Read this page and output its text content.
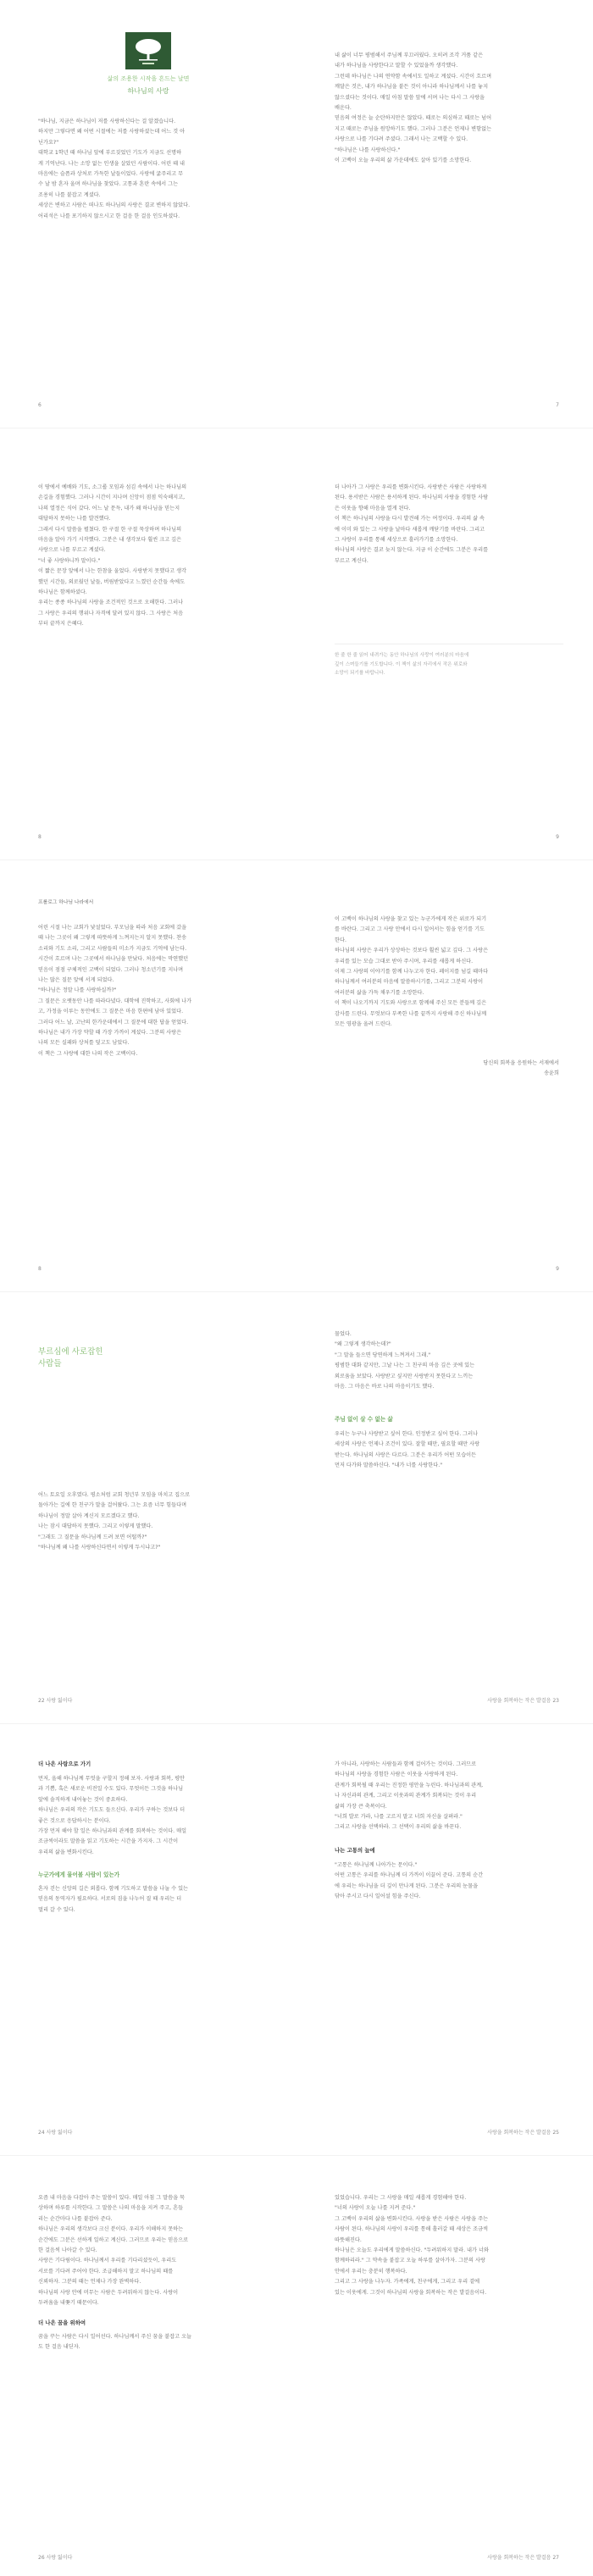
삶의 조용한 시작을 흔드는 날면
하나님의 사랑
"하나님, 지금은 하나님이 저를 사랑하신다는 걸 알겠습니다.
하지만 그렇다면 왜 어떤 시절에는 저를 사랑하셨는데 어느 것 아
닌가요?"
대학교 1학년 때 하나님 앞에 부르짖었던 기도가 지금도 선명하
게 기억난다. 나는 소망 없는 인생을 살았던 사람이다. 어린 때 내
마음에는 슬픔과 상처로 가득한 날들이었다. 사랑에 굶주리고 무
수 날 밤 혼자 울며 하나님을 찾았다. 고통과 혼란 속에서 그는
조용히 나를 붙잡고 계셨다.
세상은 변하고 사람은 떠나도 하나님의 사랑은 결코 변하지 않았다.
어리석은 나를 포기하지 않으시고 한 걸음 한 걸음 인도하셨다.
6
내 삶이 너무 평범해서 주님께 부끄러웠다. 오히려 조각 거품 같은
내가 하나님을 사랑한다고 말할 수 있었을까 생각했다.
그런데 하나님은 나의 연약함 속에서도 일하고 계셨다. 시간이 흐르며
깨달은 것은, 내가 하나님을 붙든 것이 아니라 하나님께서 나를 놓지
않으셨다는 것이다. 매일 아침 말씀 앞에 서며 나는 다시 그 사랑을
배운다.
믿음의 여정은 늘 순탄하지만은 않았다. 때로는 의심하고 때로는 넘어
지고 때로는 주님을 원망하기도 했다. 그러나 그분은 언제나 변함없는
사랑으로 나를 기다려 주셨다. 그래서 나는 고백할 수 있다.
"하나님은 나를 사랑하신다."
이 고백이 오늘 우리의 삶 가운데에도 살아 있기를 소망한다.
7
이 땅에서 예배와 기도, 소그룹 모임과 섬김 속에서 나는 하나님의
손길을 경험했다. 그러나 시간이 지나며 신앙이 점점 익숙해지고,
나의 열정은 식어 갔다. 어느 날 문득, 내가 왜 하나님을 믿는지
대답하지 못하는 나를 발견했다.
그래서 다시 말씀을 펼쳤다. 한 구절 한 구절 묵상하며 하나님의
마음을 알아 가기 시작했다. 그분은 내 생각보다 훨씬 크고 깊은
사랑으로 나를 부르고 계셨다.
"너 좋 사랑하니까 말이다."
이 짧은 문장 앞에서 나는 한참을 울었다. 사랑받지 못했다고 생각
했던 시간들, 외로웠던 날들, 버림받았다고 느꼈던 순간들 속에도
하나님은 함께하셨다.
우리는 종종 하나님의 사랑을 조건적인 것으로 오해한다. 그러나
그 사랑은 우리의 행위나 자격에 달려 있지 않다. 그 사랑은 처음
부터 끝까지 은혜다.
8
더 나아가 그 사랑은 우리를 변화시킨다. 사랑받은 사람은 사랑하게
된다. 용서받은 사람은 용서하게 된다. 하나님의 사랑을 경험한 사람
은 이웃을 향해 마음을 열게 된다.
이 책은 하나님의 사랑을 다시 발견해 가는 여정이다. 우리의 삶 속
에 이미 와 있는 그 사랑을 날마다 새롭게 깨닫기를 바란다. 그리고
그 사랑이 우리를 통해 세상으로 흘러가기를 소망한다.
하나님의 사랑은 결코 늦지 않는다. 지금 이 순간에도 그분은 우리를
부르고 계신다.
한 줄 한 줄 읽어 내려가는 동안 하나님의 사랑이 여러분의 마음에
깊이 스며들기를 기도합니다. 이 책이 삶의 자리에서 작은 위로와
소망이 되기를 바랍니다.
9
프롤로그 하나님 나라에서
어린 시절 나는 교회가 낯설었다. 부모님을 따라 처음 교회에 갔을
때 나는 그곳이 왜 그렇게 따뜻하게 느껴지는지 알지 못했다. 찬송
소리와 기도 소리, 그리고 사람들의 미소가 지금도 기억에 남는다.
시간이 흐르며 나는 그곳에서 하나님을 만났다. 처음에는 막연했던
믿음이 점점 구체적인 고백이 되었다. 그러나 청소년기를 지나며
나는 많은 질문 앞에 서게 되었다.
"하나님은 정말 나를 사랑하실까?"
그 질문은 오랫동안 나를 따라다녔다. 대학에 진학하고, 사회에 나가
고, 가정을 이루는 동안에도 그 질문은 마음 한편에 남아 있었다.
그러다 어느 날, 고난의 한가운데에서 그 질문에 대한 답을 얻었다.
하나님은 내가 가장 약할 때 가장 가까이 계셨다. 그분의 사랑은
나의 모든 실패와 상처를 덮고도 남았다.
이 책은 그 사랑에 대한 나의 작은 고백이다.
8
이 고백이 하나님의 사랑을 찾고 있는 누군가에게 작은 위로가 되기
를 바란다. 그리고 그 사랑 안에서 다시 일어서는 힘을 얻기를 기도
한다.
하나님의 사랑은 우리가 상상하는 것보다 훨씬 넓고 깊다. 그 사랑은
우리를 있는 모습 그대로 받아 주시며, 우리를 새롭게 하신다.
이제 그 사랑의 이야기를 함께 나누고자 한다. 페이지를 넘길 때마다
하나님께서 여러분의 마음에 말씀하시기를, 그리고 그분의 사랑이
여러분의 삶을 가득 채우기를 소망한다.
이 책이 나오기까지 기도와 사랑으로 함께해 주신 모든 분들께 깊은
감사를 드린다. 무엇보다 부족한 나를 끝까지 사랑해 주신 하나님께
모든 영광을 올려 드린다.
당신의 회복을 응원하는 서재에서
송윤희
9
부르심에 사로잡힌
사람들
어느 토요일 오후였다. 평소처럼 교회 청년부 모임을 마치고 집으로
돌아가는 길에 한 친구가 말을 걸어왔다. 그는 요즘 너무 힘들다며
하나님이 정말 살아 계신지 모르겠다고 했다.
나는 잠시 대답하지 못했다. 그리고 이렇게 말했다.
"그래도 그 질문을 하나님께 드려 보면 어떨까?"
"하나님께 왜 나를 사랑하신다면서 이렇게 두시냐고?"
22 사랑 잃이다
물었다.
"왜 그렇게 생각하는데?"
"그 말을 들으면 당연하게 느껴져서 그래."
평범한 대화 같지만, 그날 나는 그 친구의 마음 깊은 곳에 있는
외로움을 보았다. 사랑받고 싶지만 사랑받지 못한다고 느끼는
마음. 그 마음은 바로 나의 마음이기도 했다.
주님 없이 살 수 없는 삶
우리는 누구나 사랑받고 싶어 한다. 인정받고 싶어 한다. 그러나
세상의 사랑은 언제나 조건이 있다. 잘할 때만, 필요할 때만 사랑
받는다. 하나님의 사랑은 다르다. 그분은 우리가 어떤 모습이든
먼저 다가와 말씀하신다. "내가 너를 사랑한다."
사랑을 회복하는 작은 발걸음 23
더 나은 사랑으로 가기
먼저, 올해 하나님께 무엇을 구할지 정해 보자. 사랑과 회복, 평안
과 기쁨, 혹은 새로운 비전일 수도 있다. 무엇이든 그것을 하나님
앞에 솔직하게 내어놓는 것이 중요하다.
하나님은 우리의 작은 기도도 들으신다. 우리가 구하는 것보다 더
좋은 것으로 응답하시는 분이다.
가장 먼저 해야 할 일은 하나님과의 관계를 회복하는 것이다. 매일
조금씩이라도 말씀을 읽고 기도하는 시간을 가지자. 그 시간이
우리의 삶을 변화시킨다.
누군가에게 물어볼 사람이 있는가
혼자 걷는 신앙의 길은 외롭다. 함께 기도하고 말씀을 나눌 수 있는
믿음의 동역자가 필요하다. 서로의 짐을 나누어 질 때 우리는 더
멀리 갈 수 있다.
24 사랑 잃이다
가 아니라, 사랑하는 사람들과 함께 걸어가는 것이다. 그러므로
하나님의 사랑을 경험한 사람은 이웃을 사랑하게 된다.
관계가 회복될 때 우리는 진정한 평안을 누린다. 하나님과의 관계,
나 자신과의 관계, 그리고 이웃과의 관계가 회복되는 것이 우리
삶의 가장 큰 축복이다.
"너희 발로 가라, 나를 고르지 말고 너희 자신을 살펴라."
그리고 사랑을 선택하라. 그 선택이 우리의 삶을 바꾼다.
나는 고통의 늪에
"고통은 하나님께 나아가는 문이다."
어떤 고통은 우리를 하나님께 더 가까이 이끌어 준다. 고통의 순간
에 우리는 하나님을 더 깊이 만나게 된다. 그분은 우리의 눈물을
닦아 주시고 다시 일어설 힘을 주신다.
사랑을 회복하는 작은 발걸음 25
요즘 내 마음을 다잡아 주는 말씀이 있다. 매일 아침 그 말씀을 묵
상하며 하루를 시작한다. 그 말씀은 나의 마음을 지켜 주고, 흔들
리는 순간마다 나를 붙잡아 준다.
하나님은 우리의 생각보다 크신 분이다. 우리가 이해하지 못하는
순간에도 그분은 선하게 일하고 계신다. 그러므로 우리는 믿음으로
한 걸음씩 나아갈 수 있다.
사랑은 기다림이다. 하나님께서 우리를 기다리셨듯이, 우리도
서로를 기다려 주어야 한다. 조급해하지 말고 하나님의 때를
신뢰하자. 그분의 때는 언제나 가장 완벽하다.
하나님의 사랑 안에 머무는 사람은 두려워하지 않는다. 사랑이
두려움을 내쫓기 때문이다.
더 나은 꿈을 위하여
꿈을 꾸는 사람은 다시 일어선다. 하나님께서 주신 꿈을 붙잡고 오늘
도 한 걸음 내딛자.
26 사랑 잃이다
있었습니다. 우리는 그 사랑을 매일 새롭게 경험해야 한다.
"너의 사랑이 오늘 나를 지켜 준다."
그 고백이 우리의 삶을 변화시킨다. 사랑을 받은 사람은 사랑을 주는
사람이 된다. 하나님의 사랑이 우리를 통해 흘러갈 때 세상은 조금씩
따뜻해진다.
하나님은 오늘도 우리에게 말씀하신다. "두려워하지 말라. 내가 너와
함께하리라." 그 약속을 붙잡고 오늘 하루를 살아가자. 그분의 사랑
안에서 우리는 충분히 행복하다.
그리고 그 사랑을 나누자. 가족에게, 친구에게, 그리고 우리 곁에
있는 이웃에게. 그것이 하나님의 사랑을 회복하는 작은 발걸음이다.
사랑을 회복하는 작은 발걸음 27
